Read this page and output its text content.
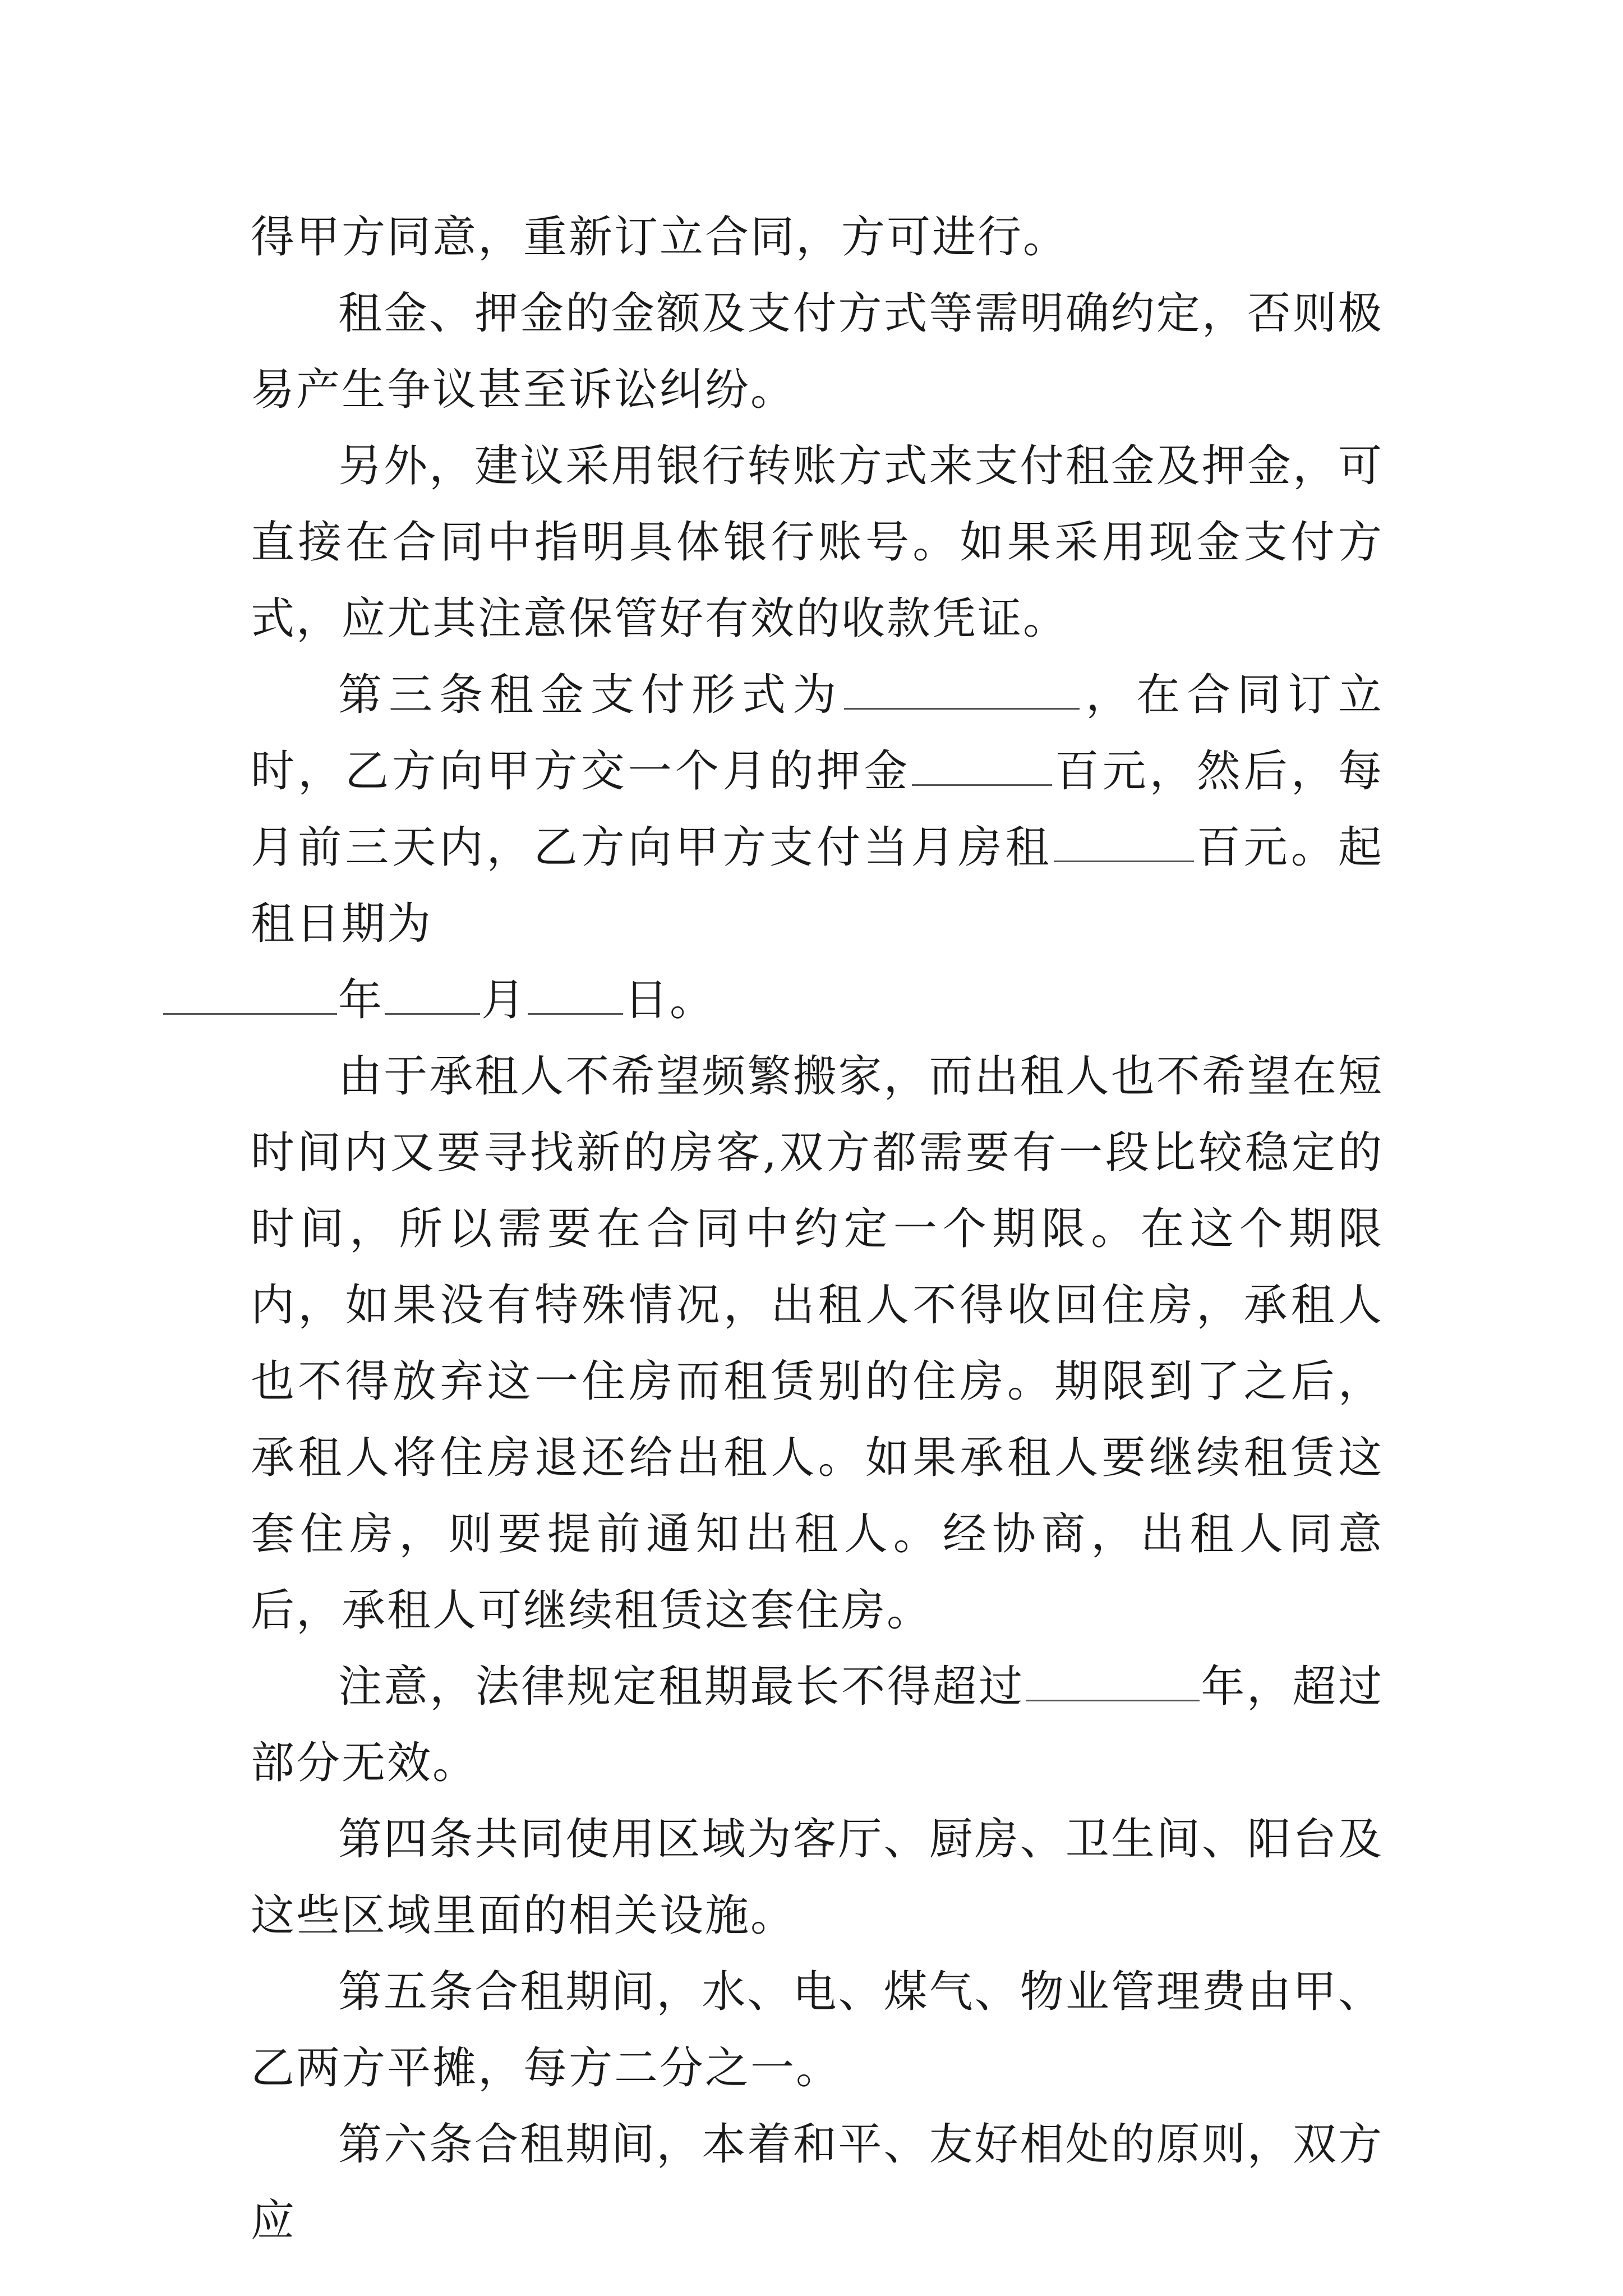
得甲方同意，重新订立合同，方可进行。

租金、押金的金额及支付方式等需明确约定，否则极易产生争议甚至诉讼纠纷。

另外，建议采用银行转账方式来支付租金及押金，可直接在合同中指明具体银行账号。如果采用现金支付方式，应尤其注意保管好有效的收款凭证。

第三条租金支付形式为	，在合同订立时，乙方向甲方交一个月的押金	百元，然后，每月前三天内，乙方向甲方支付当月房租	百元。起租日期为
年 月 日。

由于承租人不希望频繁搬家，而出租人也不希望在短时间内又要寻找新的房客,双方都需要有一段比较稳定的时间，所以需要在合同中约定一个期限。在这个期限内，如果没有特殊情况，出租人不得收回住房，承租人也不得放弃这一住房而租赁别的住房。期限到了之后，承租人将住房退还给出租人。如果承租人要继续租赁这套住房，则要提前通知出租人。经协商，出租人同意后，承租人可继续租赁这套住房。

注意，法律规定租期最长不得超过	年，超过部分无效。

第四条共同使用区域为客厅、厨房、卫生间、阳台及这些区域里面的相关设施。

第五条合租期间，水、电、煤气、物业管理费由甲、乙两方平摊，每方二分之一。

第六条合租期间，本着和平、友好相处的原则，双方应
